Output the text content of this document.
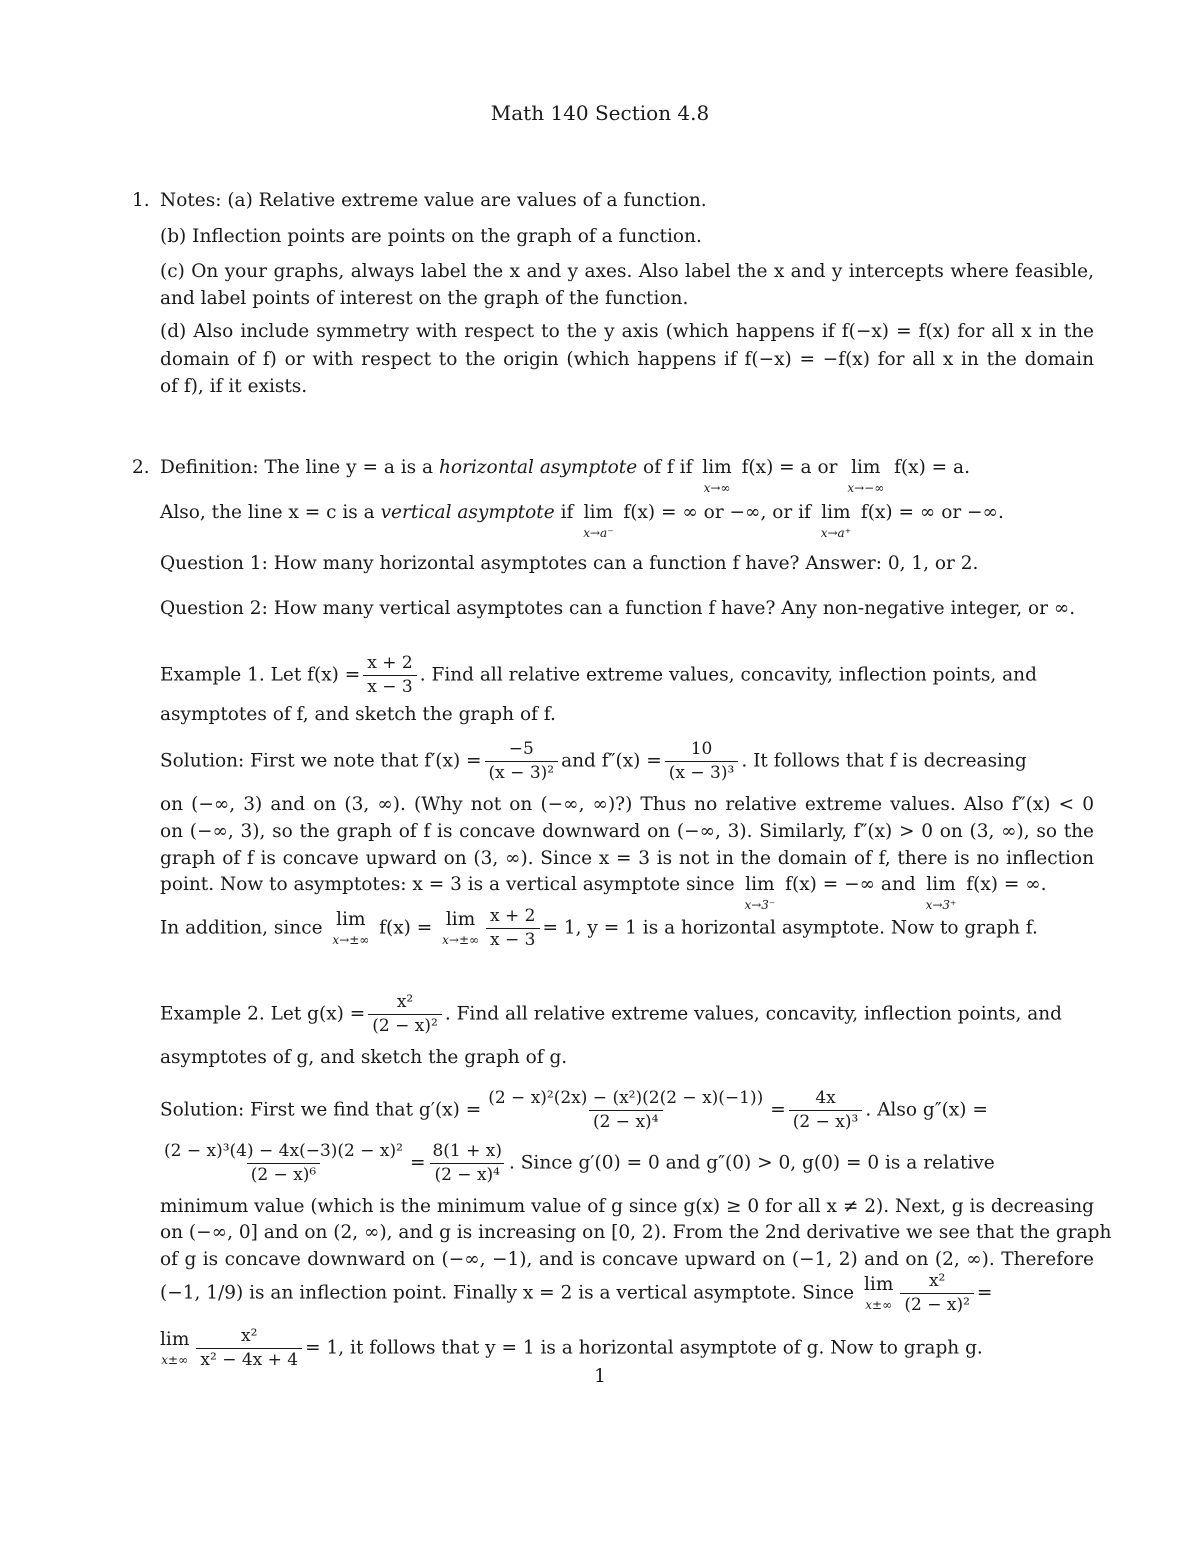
Math 140 Section 4.8
1. Notes: (a) Relative extreme value are values of a function.
(b) Inflection points are points on the graph of a function.
(c) On your graphs, always label the x and y axes. Also label the x and y intercepts where feasible,
and label points of interest on the graph of the function.
(d) Also include symmetry with respect to the y axis (which happens if f(−x) = f(x) for all x in the
domain of f) or with respect to the origin (which happens if f(−x) = −f(x) for all x in the domain
of f), if it exists.
2. Definition: The line y = a is a horizontal asymptote of f if lim
x→∞
f(x) = a or lim
x→−∞
f(x) = a.
Also, the line x = c is a vertical asymptote if lim
x→a⁻
f(x) = ∞ or −∞, or if lim
x→a⁺
f(x) = ∞ or −∞.
Question 1: How many horizontal asymptotes can a function f have? Answer: 0, 1, or 2.
Question 2: How many vertical asymptotes can a function f have? Any non-negative integer, or ∞.
Example 1. Let $f(x) = \frac{x + 2}{x - 3}$ . Find all relative extreme values, concavity, inflection points, and
asymptotes of f, and sketch the graph of f.
Solution: First we note that $f'(x) = \frac{-5}{\text{(x − 3)²}}$ and $f''(x) = \frac{10}{\text{(x − 3)³}}$ . It follows that f is decreasing
on (−∞, 3) and on (3, ∞). (Why not on (−∞, ∞)?) Thus no relative extreme values. Also f″(x) < 0
on (−∞, 3), so the graph of f is concave downward on (−∞, 3). Similarly, f″(x) > 0 on (3, ∞), so the
graph of f is concave upward on (3, ∞). Since x = 3 is not in the domain of f, there is no inflection
point. Now to asymptotes: x = 3 is a vertical asymptote since lim
x→3⁻
f(x) = −∞ and lim
x→3⁺
f(x) = ∞.
In addition, since lim
x→±∞
f(x) = lim
$x\to\pm\infty \frac{x + 2}{x - 3} = 1$, y = 1 is a horizontal asymptote. Now to graph f.
Example 2. Let $g(x) = \frac{\text{x²}}{\text{(2 − x)²}}$ . Find all relative extreme values, concavity, inflection points, and
asymptotes of g, and sketch the graph of g.
Solution: First we find that $g'(x) = \frac{\text{(2 − x)²(2x) − (x²)(2(2 − x)(−1))}}{\text{(2 − x)⁴}} = \frac{4x}{\text{(2 − x)³}}$ . Also g″(x) =
$\frac{\text{(2 − x)³(4) − 4x(−3)(2 − x)²}}{\text{(2 − x)⁶}} = \frac{8(1 + x)}{\text{(2 − x)⁴}}$ . Since g′(0) = 0 and g″(0) > 0, g(0) = 0 is a relative
minimum value (which is the minimum value of g since g(x) ≥ 0 for all x ≠ 2). Next, g is decreasing
on (−∞, 0] and on (2, ∞), and g is increasing on [0, 2). From the 2nd derivative we see that the graph
of g is concave downward on (−∞, −1), and is concave upward on (−1, 2) and on (2, ∞). Therefore
(−1, 1/9) is an inflection point. Finally x = 2 is a vertical asymptote. Since lim
$x\pm\infty \frac{\text{x²}}{\text{(2 − x)²}}$ =
lim
$x\pm\infty \frac{\text{x²}}{\text{x² − 4x + 4}} = 1$, it follows that y = 1 is a horizontal asymptote of g. Now to graph g.
1
